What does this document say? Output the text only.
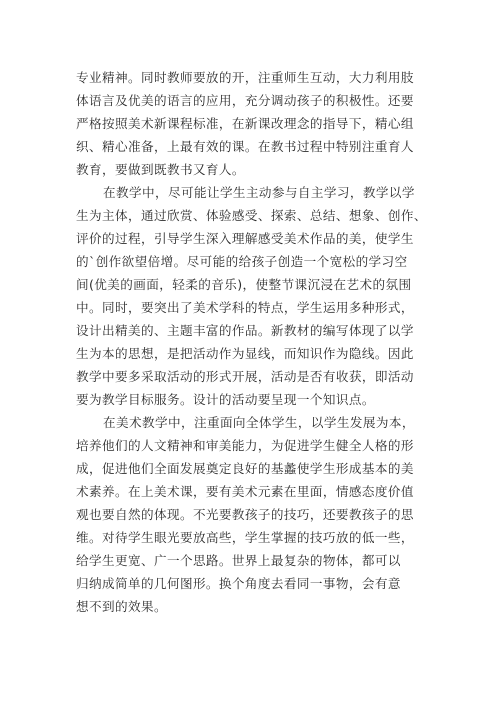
专业精神。同时教师要放的开，注重师生互动，大力利用肢
体语言及优美的语言的应用，充分调动孩子的积极性。还要
严格按照美术新课程标准，在新课改理念的指导下，精心组
织、精心准备，上最有效的课。在教书过程中特别注重育人
教育，要做到既教书又育人。
在教学中，尽可能让学生主动参与自主学习，教学以学
生为主体，通过欣赏、体验感受、探索、总结、想象、创作、
评价的过程，引导学生深入理解感受美术作品的美，使学生
的`创作欲望倍增。尽可能的给孩子创造一个宽松的学习空
间(优美的画面，轻柔的音乐)，使整节课沉浸在艺术的氛围
中。同时，要突出了美术学科的特点，学生运用多种形式，
设计出精美的、主题丰富的作品。新教材的编写体现了以学
生为本的思想，是把活动作为显线，而知识作为隐线。因此
教学中要多采取活动的形式开展，活动是否有收获，即活动
要为教学目标服务。设计的活动要呈现一个知识点。
在美术教学中，注重面向全体学生，以学生发展为本，
培养他们的人文精神和审美能力，为促进学生健全人格的形
成，促进他们全面发展奠定良好的基蠡使学生形成基本的美
术素养。在上美术课，要有美术元素在里面，情感态度价值
观也要自然的体现。不光要教孩子的技巧，还要教孩子的思
维。对待学生眼光要放高些，学生掌握的技巧放的低一些，
给学生更宽、广一个思路。世界上最复杂的物体，都可以
归纳成简单的几何图形。换个角度去看同一事物，会有意
想不到的效果。
